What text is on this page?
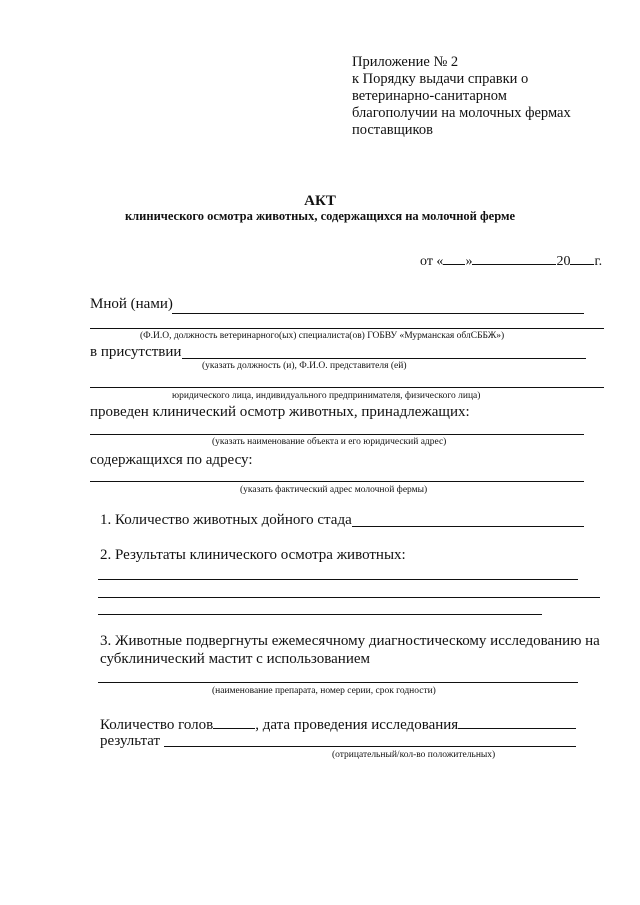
Приложение № 2
к Порядку выдачи справки о
ветеринарно-санитарном
благополучии на молочных фермах
поставщиков
АКТ
клинического осмотра животных, содержащихся на молочной ферме
от « »	20 г.
Мной (нами)
(Ф.И.О, должность ветеринарного(ых) специалиста(ов) ГОБВУ «Мурманская облСББЖ»)
в присутствии
(указать должность (и), Ф.И.О. представителя (ей)
юридического лица, индивидуального предпринимателя, физического лица)
проведен клинический осмотр животных, принадлежащих:
(указать наименование объекта и его юридический адрес)
содержащихся по адресу:
(указать фактический адрес молочной фермы)
1. Количество животных дойного стада
2. Результаты клинического осмотра животных:
3. Животные подвергнуты ежемесячному диагностическому исследованию на
субклинический мастит с использованием
(наименование препарата, номер серии, срок годности)
Количество голов	, дата проведения исследования
результат
(отрицательный/кол-во положительных)
